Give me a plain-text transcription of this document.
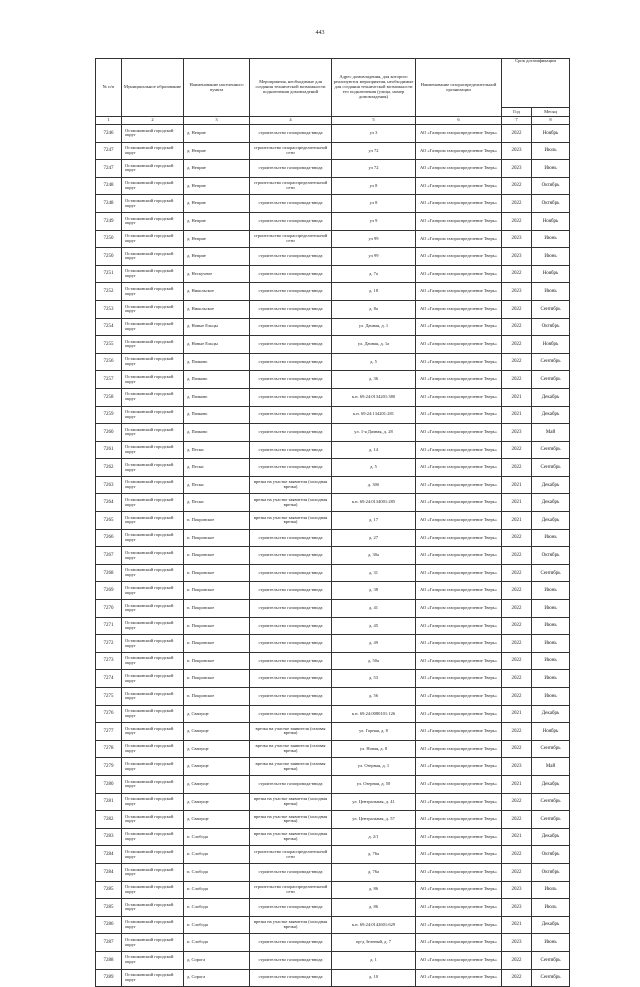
443
№ п/п	Муниципальное образование	Наименование населенного пункта	Мероприятия, необходимые для создания технической возможности подключения домовладений	Адрес домовладения, для которого реализуются мероприятия, необходимые для создания технической возможности его подключения (улица, номер домовладения)	Наименование газораспределительной организации	Срок догазификации	
						Год	Месяц
1	2	3	4	5	6	7	8
7246	Осташковский городской округ	д. Неприе	строительство газопровода-ввода	ул 3	АО «Газпром газораспределение Тверь»	2022	Ноябрь
7247	Осташковский городской округ	д. Неприе	строительство газораспределительной сети	ул 72	АО «Газпром газораспределение Тверь»	2023	Июль
7247	Осташковский городской округ	д. Неприе	строительство газопровода-ввода	ул 72	АО «Газпром газораспределение Тверь»	2023	Июнь
7248	Осташковский городской округ	д. Неприе	строительство газораспределительной сети	ул 8	АО «Газпром газораспределение Тверь»	2022	Октябрь
7248	Осташковский городской округ	д. Неприе	строительство газопровода-ввода	ул 8	АО «Газпром газораспределение Тверь»	2022	Октябрь
7249	Осташковский городской округ	д. Неприе	строительство газопровода-ввода	ул 9	АО «Газпром газораспределение Тверь»	2022	Ноябрь
7250	Осташковский городской округ	д. Неприе	строительство газораспределительной сети	ул 99	АО «Газпром газораспределение Тверь»	2023	Июнь
7250	Осташковский городской округ	д. Неприе	строительство газопровода-ввода	ул 99	АО «Газпром газораспределение Тверь»	2023	Июнь
7251	Осташковский городской округ	д. Нескучное	строительство газопровода-ввода	д. 7а	АО «Газпром газораспределение Тверь»	2022	Ноябрь
7252	Осташковский городской округ	д. Никольское	строительство газопровода-ввода	д. 18	АО «Газпром газораспределение Тверь»	2023	Июнь
7253	Осташковский городской округ	д. Никольское	строительство газопровода-ввода	д. 8а	АО «Газпром газораспределение Тверь»	2022	Сентябрь
7254	Осташковский городской округ	д. Новые Ельцы	строительство газопровода-ввода	ул. Дачная, д. 1	АО «Газпром газораспределение Тверь»	2022	Октябрь
7255	Осташковский городской округ	д. Новые Ельцы	строительство газопровода-ввода	ул. Дачная, д. 1а	АО «Газпром газораспределение Тверь»	2022	Ноябрь
7256	Осташковский городской округ	д. Пачково	строительство газопровода-ввода	д. 5	АО «Газпром газораспределение Тверь»	2022	Сентябрь
7257	Осташковский городской округ	д. Пачково	строительство газопровода-ввода	д. 36	АО «Газпром газораспределение Тверь»	2022	Сентябрь
7258	Осташковский городской округ	д. Пачково	строительство газопровода-ввода	к.н. 69:24:0134201:380	АО «Газпром газораспределение Тверь»	2021	Декабрь
7259	Осташковский городской округ	д. Пачково	строительство газопровода-ввода	к.н. 69:24:134201:281	АО «Газпром газораспределение Тверь»	2021	Декабрь
7260	Осташковский городской округ	д. Пачково	строительство газопровода-ввода	ул. 1-я Дачная, д. 28	АО «Газпром газораспределение Тверь»	2023	Май
7261	Осташковский городской округ	д. Пески	строительство газопровода-ввода	д. 14	АО «Газпром газораспределение Тверь»	2022	Сентябрь
7262	Осташковский городской округ	д. Пески	строительство газопровода-ввода	д. 5	АО «Газпром газораспределение Тверь»	2022	Сентябрь
7263	Осташковский городской округ	д. Пески	врезка на участке заявителя (холодная врезка)	д. 30б	АО «Газпром газораспределение Тверь»	2021	Декабрь
7264	Осташковский городской округ	д. Пески	врезка на участке заявителя (холодная врезка)	к.н. 69:24:0134001:285	АО «Газпром газораспределение Тверь»	2021	Декабрь
7265	Осташковский городской округ	п. Покровское	врезка на участке заявителя (холодная врезка)	д. 17	АО «Газпром газораспределение Тверь»	2021	Декабрь
7266	Осташковский городской округ	п. Покровское	строительство газопровода-ввода	д. 27	АО «Газпром газораспределение Тверь»	2022	Июнь
7267	Осташковский городской округ	п. Покровское	строительство газопровода-ввода	д. 30а	АО «Газпром газораспределение Тверь»	2022	Октябрь
7268	Осташковский городской округ	п. Покровское	строительство газопровода-ввода	д. 31	АО «Газпром газораспределение Тверь»	2022	Сентябрь
7269	Осташковский городской округ	п. Покровское	строительство газопровода-ввода	д. 38	АО «Газпром газораспределение Тверь»	2022	Июнь
7270	Осташковский городской округ	п. Покровское	строительство газопровода-ввода	д. 41	АО «Газпром газораспределение Тверь»	2022	Июнь
7271	Осташковский городской округ	п. Покровское	строительство газопровода-ввода	д. 45	АО «Газпром газораспределение Тверь»	2022	Июнь
7272	Осташковский городской округ	п. Покровское	строительство газопровода-ввода	д. 49	АО «Газпром газораспределение Тверь»	2022	Июнь
7273	Осташковский городской округ	п. Покровское	строительство газопровода-ввода	д. 50а	АО «Газпром газораспределение Тверь»	2022	Июнь
7274	Осташковский городской округ	п. Покровское	строительство газопровода-ввода	д. 53	АО «Газпром газораспределение Тверь»	2022	Июнь
7275	Осташковский городской округ	п. Покровское	строительство газопровода-ввода	д. 56	АО «Газпром газораспределение Тверь»	2022	Июнь
7276	Осташковский городской округ	д. Свапуще	строительство газопровода-ввода	к.н. 69:24:0080101:126	АО «Газпром газораспределение Тверь»	2021	Декабрь
7277	Осташковский городской округ	д. Свапуще	врезка на участке заявителя (газовая врезка)	ул. Горная, д. 8	АО «Газпром газораспределение Тверь»	2022	Ноябрь
7278	Осташковский городской округ	д. Свапуще	врезка на участке заявителя (газовая врезка)	ул. Новая, д. 8	АО «Газпром газораспределение Тверь»	2022	Сентябрь
7279	Осташковский городской округ	д. Свапуще	врезка на участке заявителя (газовая врезка)	ул. Озерная, д. 1	АО «Газпром газораспределение Тверь»	2023	Май
7280	Осташковский городской округ	д. Свапуще	строительство газопровода-ввода	ул. Озерная, д. 50	АО «Газпром газораспределение Тверь»	2021	Декабрь
7281	Осташковский городской округ	д. Свапуще	врезка на участке заявителя (холодная врезка)	ул. Центральная, д. 41	АО «Газпром газораспределение Тверь»	2022	Сентябрь
7282	Осташковский городской округ	д. Свапуще	врезка на участке заявителя (холодная врезка)	ул. Центральная, д. 57	АО «Газпром газораспределение Тверь»	2022	Сентябрь
7283	Осташковский городской округ	п. Слобода	врезка на участке заявителя (холодная врезка)	д. 2/1	АО «Газпром газораспределение Тверь»	2021	Декабрь
7284	Осташковский городской округ	п. Слобода	строительство газораспределительной сети	д. 76а	АО «Газпром газораспределение Тверь»	2022	Октябрь
7284	Осташковский городской округ	п. Слобода	строительство газопровода-ввода	д. 76а	АО «Газпром газораспределение Тверь»	2022	Октябрь
7285	Осташковский городской округ	п. Слобода	строительство газораспределительной сети	д. 86	АО «Газпром газораспределение Тверь»	2023	Июль
7285	Осташковский городской округ	п. Слобода	строительство газопровода-ввода	д. 86	АО «Газпром газораспределение Тверь»	2023	Июль
7286	Осташковский городской округ	п. Слобода	врезка на участке заявителя (холодная врезка)	к.н. 69:24:0142601:629	АО «Газпром газораспределение Тверь»	2021	Декабрь
7287	Осташковский городской округ	п. Слобода	строительство газопровода-ввода	пр-д Зеленый, д. 7	АО «Газпром газораспределение Тверь»	2023	Июнь
7288	Осташковский городской округ	д. Сорога	строительство газопровода-ввода	д. 1	АО «Газпром газораспределение Тверь»	2022	Сентябрь
7289	Осташковский городской округ	д. Сорога	строительство газопровода-ввода	д. 10	АО «Газпром газораспределение Тверь»	2022	Сентябрь
